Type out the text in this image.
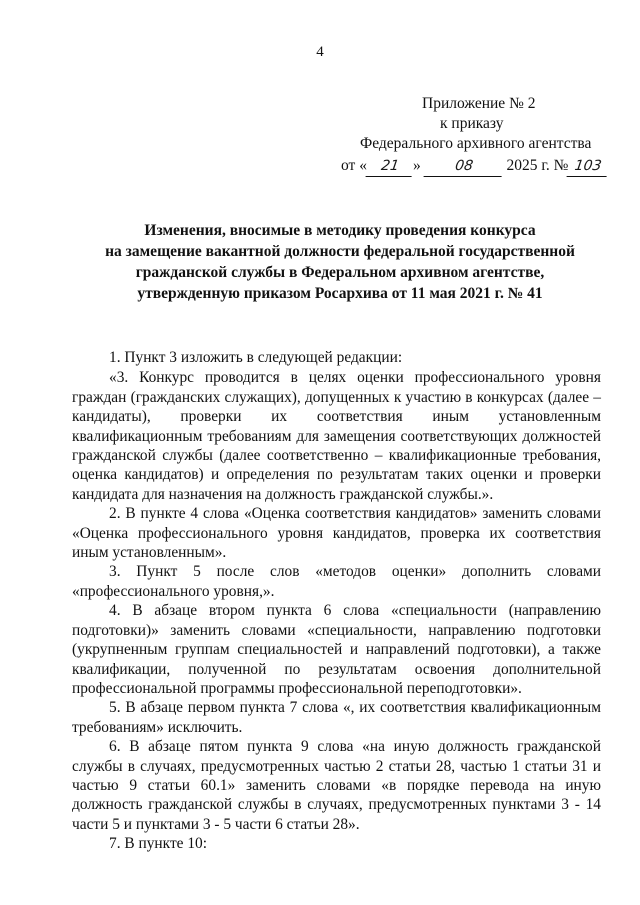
4
Приложение № 2
к приказу
Федерального архивного агентства
от « 21 » 08 2025 г. № 103
Изменения, вносимые в методику проведения конкурса
на замещение вакантной должности федеральной государственной
гражданской службы в Федеральном архивном агентстве,
утвержденную приказом Росархива от 11 мая 2021 г. № 41

1. Пункт 3 изложить в следующей редакции:

«3. Конкурс проводится в целях оценки профессионального уровня граждан (гражданских служащих), допущенных к участию в конкурсах (далее – кандидаты), проверки их соответствия иным установленным квалификационным требованиям для замещения соответствующих должностей гражданской службы (далее соответственно – квалификационные требования, оценка кандидатов) и определения по результатам таких оценки и проверки кандидата для назначения на должность гражданской службы.».

2. В пункте 4 слова «Оценка соответствия кандидатов» заменить словами «Оценка профессионального уровня кандидатов, проверка их соответствия иным установленным».

3. Пункт 5 после слов «методов оценки» дополнить словами «профессионального уровня,».

4. В абзаце втором пункта 6 слова «специальности (направлению подготовки)» заменить словами «специальности, направлению подготовки (укрупненным группам специальностей и направлений подготовки), а также квалификации, полученной по результатам освоения дополнительной профессиональной программы профессиональной переподготовки».

5. В абзаце первом пункта 7 слова «, их соответствия квалификационным требованиям» исключить.

6. В абзаце пятом пункта 9 слова «на иную должность гражданской службы в случаях, предусмотренных частью 2 статьи 28, частью 1 статьи 31 и частью 9 статьи 60.1» заменить словами «в порядке перевода на иную должность гражданской службы в случаях, предусмотренных пунктами 3 - 14 части 5 и пунктами 3 - 5 части 6 статьи 28».

7. В пункте 10:
